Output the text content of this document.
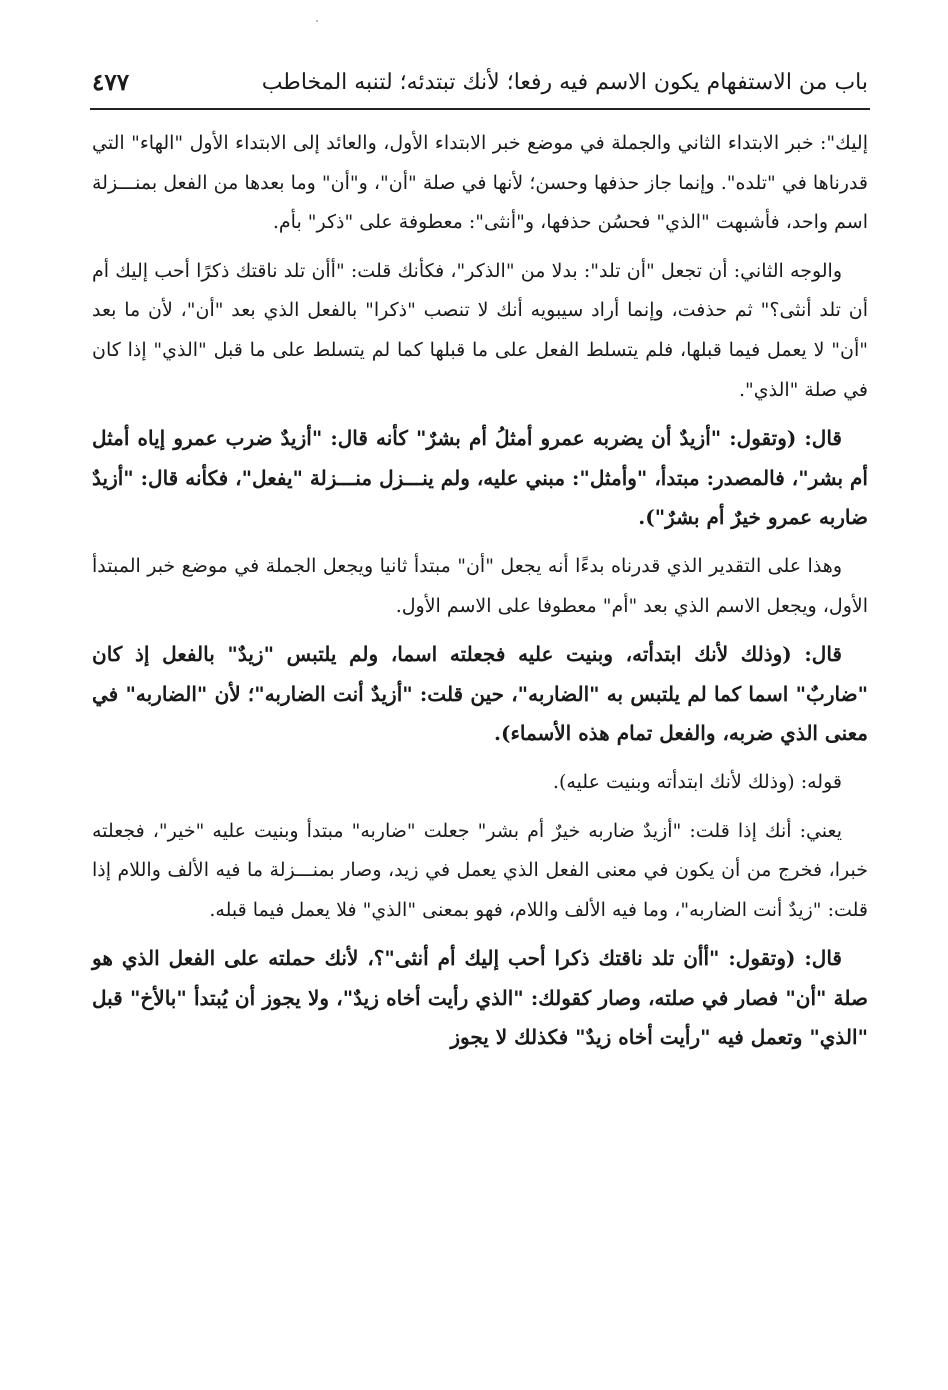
باب من الاستفهام يكون الاسم فيه رفعا؛ لأنك تبتدئه؛ لتنبه المخاطب
٤٧٧

إليك": خبر الابتداء الثاني والجملة في موضع خبر الابتداء الأول، والعائد إلى الابتداء الأول "الهاء" التي قدرناها في "تلده". وإنما جاز حذفها وحسن؛ لأنها في صلة "أن"، و"أن" وما بعدها من الفعل بمنـــزلة اسم واحد، فأشبهت "الذي" فحسُن حذفها، و"أنثى": معطوفة على "ذكر" بأم.

والوجه الثاني: أن تجعل "أن تلد": بدلا من "الذكر"، فكأنك قلت: "أأن تلد ناقتك ذكرًا أحب إليك أم أن تلد أنثى؟" ثم حذفت، وإنما أراد سيبويه أنك لا تنصب "ذكرا" بالفعل الذي بعد "أن"، لأن ما بعد "أن" لا يعمل فيما قبلها، فلم يتسلط الفعل على ما قبلها كما لم يتسلط على ما قبل "الذي" إذا كان في صلة "الذي".

قال: (وتقول: "أزيدٌ أن يضربه عمرو أمثلُ أم بشرٌ" كأنه قال: "أزيدٌ ضرب عمرو إياه أمثل أم بشر"، فالمصدر: مبتدأ، "وأمثل": مبني عليه، ولم ينـــزل منـــزلة "يفعل"، فكأنه قال: "أزيدٌ ضاربه عمرو خيرٌ أم بشرٌ").

وهذا على التقدير الذي قدرناه بدءًا أنه يجعل "أن" مبتدأ ثانيا ويجعل الجملة في موضع خبر المبتدأ الأول، ويجعل الاسم الذي بعد "أم" معطوفا على الاسم الأول.

قال: (وذلك لأنك ابتدأته، وبنيت عليه فجعلته اسما، ولم يلتبس "زيدٌ" بالفعل إذ كان "ضاربٌ" اسما كما لم يلتبس به "الضاربه"، حين قلت: "أزيدٌ أنت الضاربه"؛ لأن "الضاربه" في معنى الذي ضربه، والفعل تمام هذه الأسماء).

قوله: (وذلك لأنك ابتدأته وبنيت عليه).

يعني: أنك إذا قلت: "أزيدٌ ضاربه خيرٌ أم بشر" جعلت "ضاربه" مبتدأ وبنيت عليه "خير"، فجعلته خبرا، فخرج من أن يكون في معنى الفعل الذي يعمل في زيد، وصار بمنـــزلة ما فيه الألف واللام إذا قلت: "زيدٌ أنت الضاربه"، وما فيه الألف واللام، فهو بمعنى "الذي" فلا يعمل فيما قبله.

قال: (وتقول: "أأن تلد ناقتك ذكرا أحب إليك أم أنثى"؟، لأنك حملته على الفعل الذي هو صلة "أن" فصار في صلته، وصار كقولك: "الذي رأيت أخاه زيدٌ"، ولا يجوز أن يُبتدأ "بالأخ" قبل "الذي" وتعمل فيه "رأيت أخاه زيدٌ" فكذلك لا يجوز
